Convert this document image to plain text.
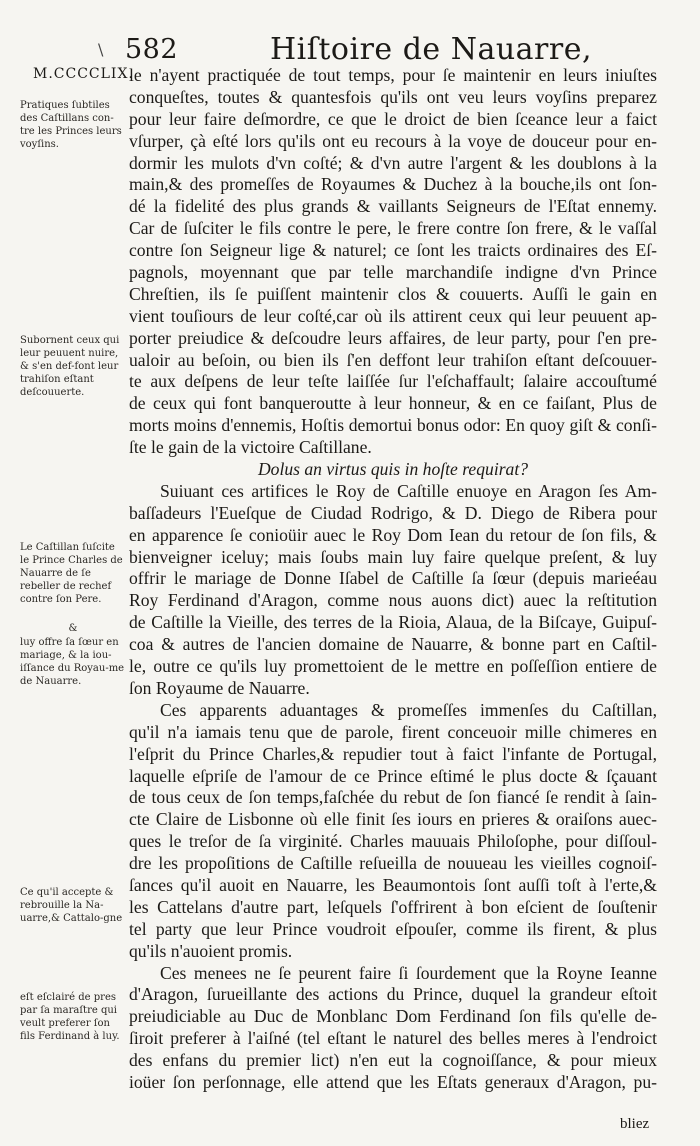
\ 582	Hiſtoire de Nauarre,
M.CCCCLIX.
Pratiques ſubtiles des Caſtillans con-tre les Princes leurs voyſins.
Subornent ceux qui leur peuuent nuire, & s'en def-font leur trahiſon eſtant deſcouuerte.
Le Caſtillan ſuſcite le Prince Charles de Nauarre de ſe rebeller de rechef contre ſon Pere.
&
luy offre ſa ſœur en mariage, & la iou-iſſance du Royau-me de Nauarre.
Ce qu'il accepte & rebrouille la Na-uarre,& Cattalo-gne
eſt eſclairé de pres par ſa maraſtre qui veult preferer ſon fils Ferdinand à luy.
le n'ayent practiquée de tout temps, pour ſe maintenir en leurs iniuſtes
conqueſtes, toutes & quantesfois qu'ils ont veu leurs voyſins preparez
pour leur faire deſmordre, ce que le droict de bien ſceance leur a faict
vſurper, çà eſté lors qu'ils ont eu recours à la voye de douceur pour en-
dormir les mulots d'vn coſté; & d'vn autre l'argent & les doublons à la
main,& des promeſſes de Royaumes & Duchez à la bouche,ils ont ſon-
dé la fidelité des plus grands & vaillants Seigneurs de l'Eſtat ennemy.
Car de ſuſciter le fils contre le pere, le frere contre ſon frere, & le vaſſal
contre ſon Seigneur lige & naturel; ce ſont les traicts ordinaires des Eſ-
pagnols, moyennant que par telle marchandiſe indigne d'vn Prince
Chreſtien, ils ſe puiſſent maintenir clos & couuerts. Auſſi le gain en
vient touſiours de leur coſté,car où ils attirent ceux qui leur peuuent ap-
porter preiudice & deſcoudre leurs affaires, de leur party, pour ſ'en pre-
ualoir au beſoin, ou bien ils ſ'en deffont leur trahiſon eſtant deſcouuer-
te aux deſpens de leur teſte laiſſée ſur l'eſchaffault; ſalaire accouſtumé
de ceux qui font banqueroutte à leur honneur, & en ce faiſant, Plus de
morts moins d'ennemis, Hoſtis demortui bonus odor: En quoy giſt & conſi-
ſte le gain de la victoire Caſtillane.
Dolus an virtus quis in hoſte requirat?
Suiuant ces artifices le Roy de Caſtille enuoye en Aragon ſes Am-
baſſadeurs l'Eueſque de Ciudad Rodrigo, & D. Diego de Ribera pour
en apparence ſe conioüir auec le Roy Dom Iean du retour de ſon fils, &
bienveigner iceluy; mais ſoubs main luy faire quelque preſent, & luy
offrir le mariage de Donne Iſabel de Caſtille ſa ſœur (depuis marieéau
Roy Ferdinand d'Aragon, comme nous auons dict) auec la reſtitution
de Caſtille la Vieille, des terres de la Rioia, Alaua, de la Biſcaye, Guipuſ-
coa & autres de l'ancien domaine de Nauarre, & bonne part en Caſtil-
le, outre ce qu'ils luy promettoient de le mettre en poſſeſſion entiere de
ſon Royaume de Nauarre.
Ces apparents aduantages & promeſſes immenſes du Caſtillan,
qu'il n'a iamais tenu que de parole, firent conceuoir mille chimeres en
l'eſprit du Prince Charles,& repudier tout à faict l'infante de Portugal,
laquelle eſpriſe de l'amour de ce Prince eſtimé le plus docte & ſçauant
de tous ceux de ſon temps,faſchée du rebut de ſon fiancé ſe rendit à ſain-
cte Claire de Lisbonne où elle finit ſes iours en prieres & oraiſons auec-
ques le treſor de ſa virginité. Charles mauuais Philoſophe, pour diſſoul-
dre les propoſitions de Caſtille reſueilla de nouueau les vieilles cognoiſ-
ſances qu'il auoit en Nauarre, les Beaumontois ſont auſſi toſt à l'erte,&
les Cattelans d'autre part, leſquels ſ'offrirent à bon eſcient de ſouſtenir
tel party que leur Prince voudroit eſpouſer, comme ils firent, & plus
qu'ils n'auoient promis.
Ces menees ne ſe peurent faire ſi ſourdement que la Royne Ieanne
d'Aragon, ſurueillante des actions du Prince, duquel la grandeur eſtoit
preiudiciable au Duc de Monblanc Dom Ferdinand ſon fils qu'elle de-
ſiroit preferer à l'aiſné (tel eſtant le naturel des belles meres à l'endroict
des enfans du premier lict) n'en eut la cognoiſſance, & pour mieux
ioüer ſon perſonnage, elle attend que les Eſtats generaux d'Aragon, pu-
bliez
